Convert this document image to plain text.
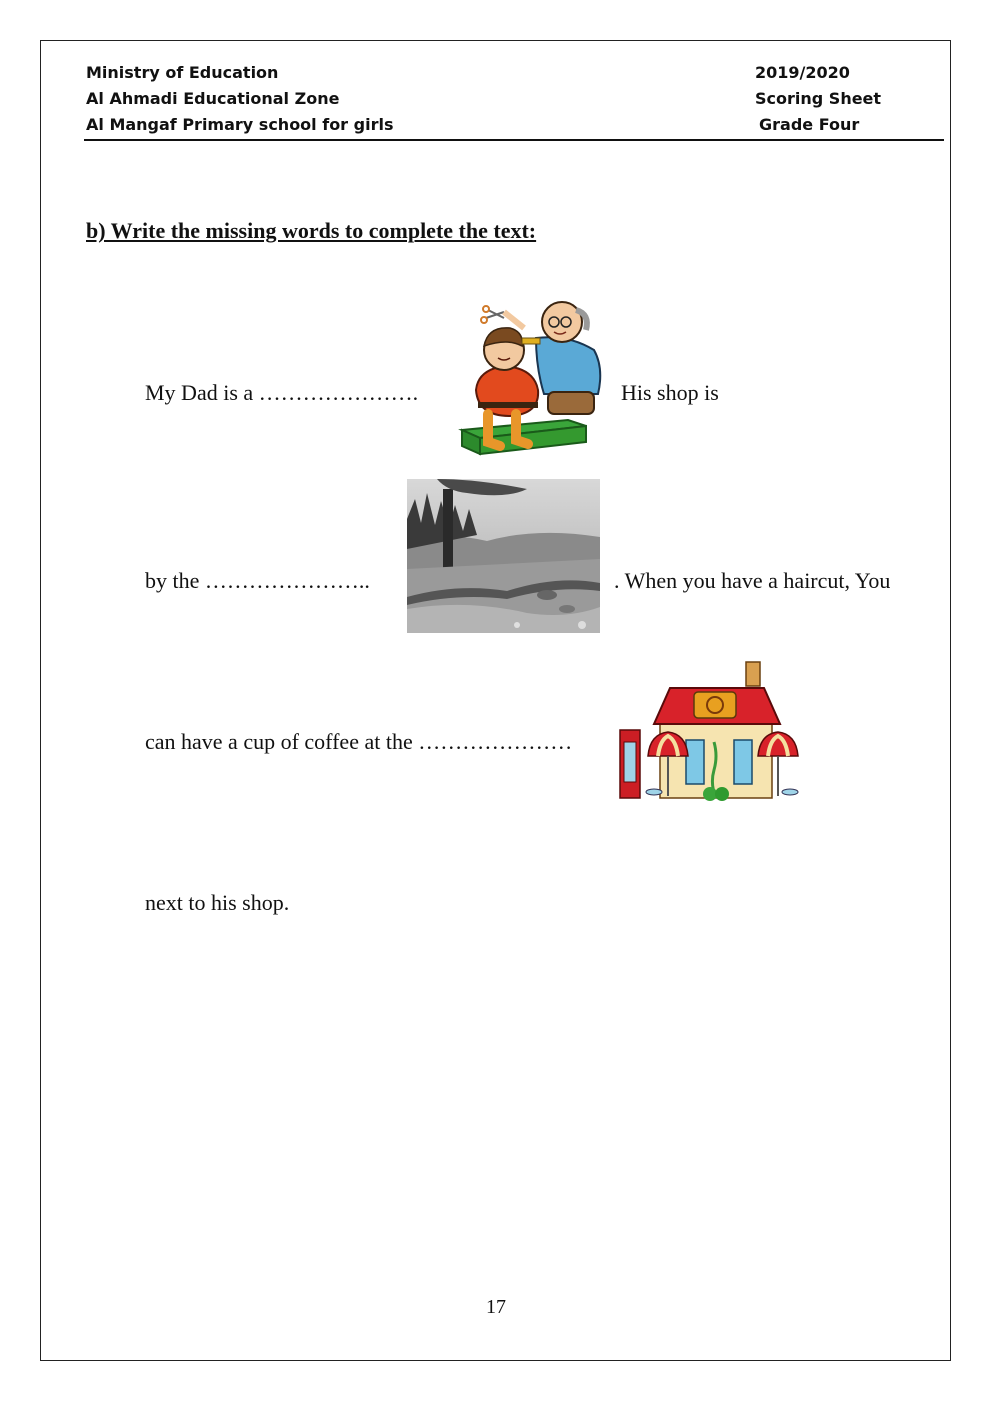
Ministry of Education
Al Ahmadi Educational Zone
Al Mangaf Primary school for girls
2019/2020
Scoring Sheet
Grade Four
b) Write the missing words to complete the text:
My Dad is a ………………….	His shop is
by the …………………..	. When you have a haircut, You
can have a cup of coffee at the …………………
next to his shop.
17
